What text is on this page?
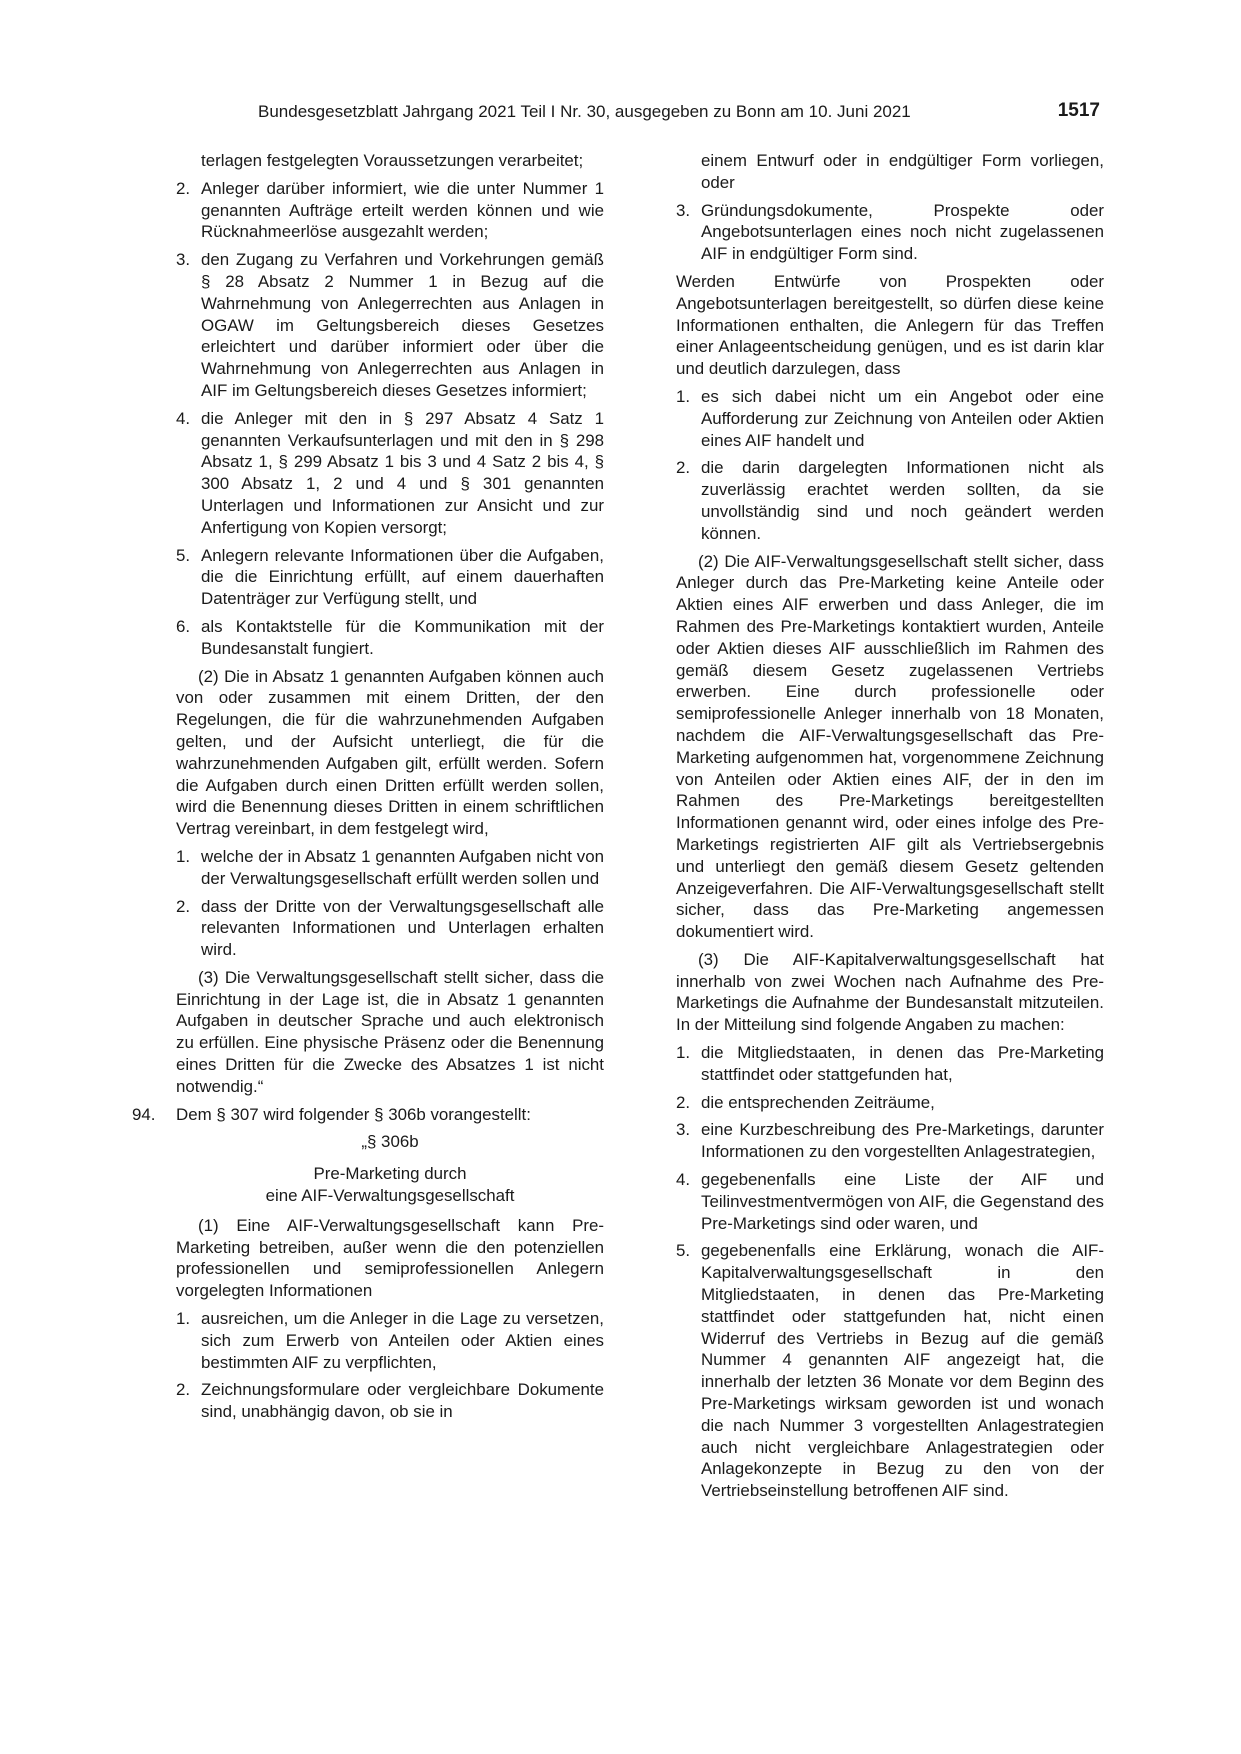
Bundesgesetzblatt Jahrgang 2021 Teil I Nr. 30, ausgegeben zu Bonn am 10. Juni 2021	1517
terlagen festgelegten Voraussetzungen verarbeitet;
2. Anleger darüber informiert, wie die unter Nummer 1 genannten Aufträge erteilt werden können und wie Rücknahmeerlöse ausgezahlt werden;
3. den Zugang zu Verfahren und Vorkehrungen gemäß § 28 Absatz 2 Nummer 1 in Bezug auf die Wahrnehmung von Anlegerrechten aus Anlagen in OGAW im Geltungsbereich dieses Gesetzes erleichtert und darüber informiert oder über die Wahrnehmung von Anlegerrechten aus Anlagen in AIF im Geltungsbereich dieses Gesetzes informiert;
4. die Anleger mit den in § 297 Absatz 4 Satz 1 genannten Verkaufsunterlagen und mit den in § 298 Absatz 1, § 299 Absatz 1 bis 3 und 4 Satz 2 bis 4, § 300 Absatz 1, 2 und 4 und § 301 genannten Unterlagen und Informationen zur Ansicht und zur Anfertigung von Kopien versorgt;
5. Anlegern relevante Informationen über die Aufgaben, die die Einrichtung erfüllt, auf einem dauerhaften Datenträger zur Verfügung stellt, und
6. als Kontaktstelle für die Kommunikation mit der Bundesanstalt fungiert.
(2) Die in Absatz 1 genannten Aufgaben können auch von oder zusammen mit einem Dritten, der den Regelungen, die für die wahrzunehmenden Aufgaben gelten, und der Aufsicht unterliegt, die für die wahrzunehmenden Aufgaben gilt, erfüllt werden. Sofern die Aufgaben durch einen Dritten erfüllt werden sollen, wird die Benennung dieses Dritten in einem schriftlichen Vertrag vereinbart, in dem festgelegt wird,
1. welche der in Absatz 1 genannten Aufgaben nicht von der Verwaltungsgesellschaft erfüllt werden sollen und
2. dass der Dritte von der Verwaltungsgesellschaft alle relevanten Informationen und Unterlagen erhalten wird.
(3) Die Verwaltungsgesellschaft stellt sicher, dass die Einrichtung in der Lage ist, die in Absatz 1 genannten Aufgaben in deutscher Sprache und auch elektronisch zu erfüllen. Eine physische Präsenz oder die Benennung eines Dritten für die Zwecke des Absatzes 1 ist nicht notwendig.“
94.	Dem § 307 wird folgender § 306b vorangestellt:

„§ 306b

Pre-Marketing durch

eine AIF-Verwaltungsgesellschaft

(1) Eine AIF-Verwaltungsgesellschaft kann Pre-Marketing betreiben, außer wenn die den potenziellen professionellen und semiprofessionellen Anlegern vorgelegten Informationen
1. ausreichen, um die Anleger in die Lage zu versetzen, sich zum Erwerb von Anteilen oder Aktien eines bestimmten AIF zu verpflichten,
2. Zeichnungsformulare oder vergleichbare Dokumente sind, unabhängig davon, ob sie in
einem Entwurf oder in endgültiger Form vorliegen, oder
3. Gründungsdokumente, Prospekte oder Angebotsunterlagen eines noch nicht zugelassenen AIF in endgültiger Form sind.
Werden Entwürfe von Prospekten oder Angebotsunterlagen bereitgestellt, so dürfen diese keine Informationen enthalten, die Anlegern für das Treffen einer Anlageentscheidung genügen, und es ist darin klar und deutlich darzulegen, dass
1. es sich dabei nicht um ein Angebot oder eine Aufforderung zur Zeichnung von Anteilen oder Aktien eines AIF handelt und
2. die darin dargelegten Informationen nicht als zuverlässig erachtet werden sollten, da sie unvollständig sind und noch geändert werden können.
(2) Die AIF-Verwaltungsgesellschaft stellt sicher, dass Anleger durch das Pre-Marketing keine Anteile oder Aktien eines AIF erwerben und dass Anleger, die im Rahmen des Pre-Marketings kontaktiert wurden, Anteile oder Aktien dieses AIF ausschließlich im Rahmen des gemäß diesem Gesetz zugelassenen Vertriebs erwerben. Eine durch professionelle oder semiprofessionelle Anleger innerhalb von 18 Monaten, nachdem die AIF-Verwaltungsgesellschaft das Pre-Marketing aufgenommen hat, vorgenommene Zeichnung von Anteilen oder Aktien eines AIF, der in den im Rahmen des Pre-Marketings bereitgestellten Informationen genannt wird, oder eines infolge des Pre-Marketings registrierten AIF gilt als Vertriebsergebnis und unterliegt den gemäß diesem Gesetz geltenden Anzeigeverfahren. Die AIF-Verwaltungsgesellschaft stellt sicher, dass das Pre-Marketing angemessen dokumentiert wird.
(3) Die AIF-Kapitalverwaltungsgesellschaft hat innerhalb von zwei Wochen nach Aufnahme des Pre-Marketings die Aufnahme der Bundesanstalt mitzuteilen. In der Mitteilung sind folgende Angaben zu machen:
1. die Mitgliedstaaten, in denen das Pre-Marketing stattfindet oder stattgefunden hat,
2. die entsprechenden Zeiträume,
3. eine Kurzbeschreibung des Pre-Marketings, darunter Informationen zu den vorgestellten Anlagestrategien,
4. gegebenenfalls eine Liste der AIF und Teilinvestmentvermögen von AIF, die Gegenstand des Pre-Marketings sind oder waren, und
5. gegebenenfalls eine Erklärung, wonach die AIF-Kapitalverwaltungsgesellschaft in den Mitgliedstaaten, in denen das Pre-Marketing stattfindet oder stattgefunden hat, nicht einen Widerruf des Vertriebs in Bezug auf die gemäß Nummer 4 genannten AIF angezeigt hat, die innerhalb der letzten 36 Monate vor dem Beginn des Pre-Marketings wirksam geworden ist und wonach die nach Nummer 3 vorgestellten Anlagestrategien auch nicht vergleichbare Anlagestrategien oder Anlagekonzepte in Bezug zu den von der Vertriebseinstellung betroffenen AIF sind.
